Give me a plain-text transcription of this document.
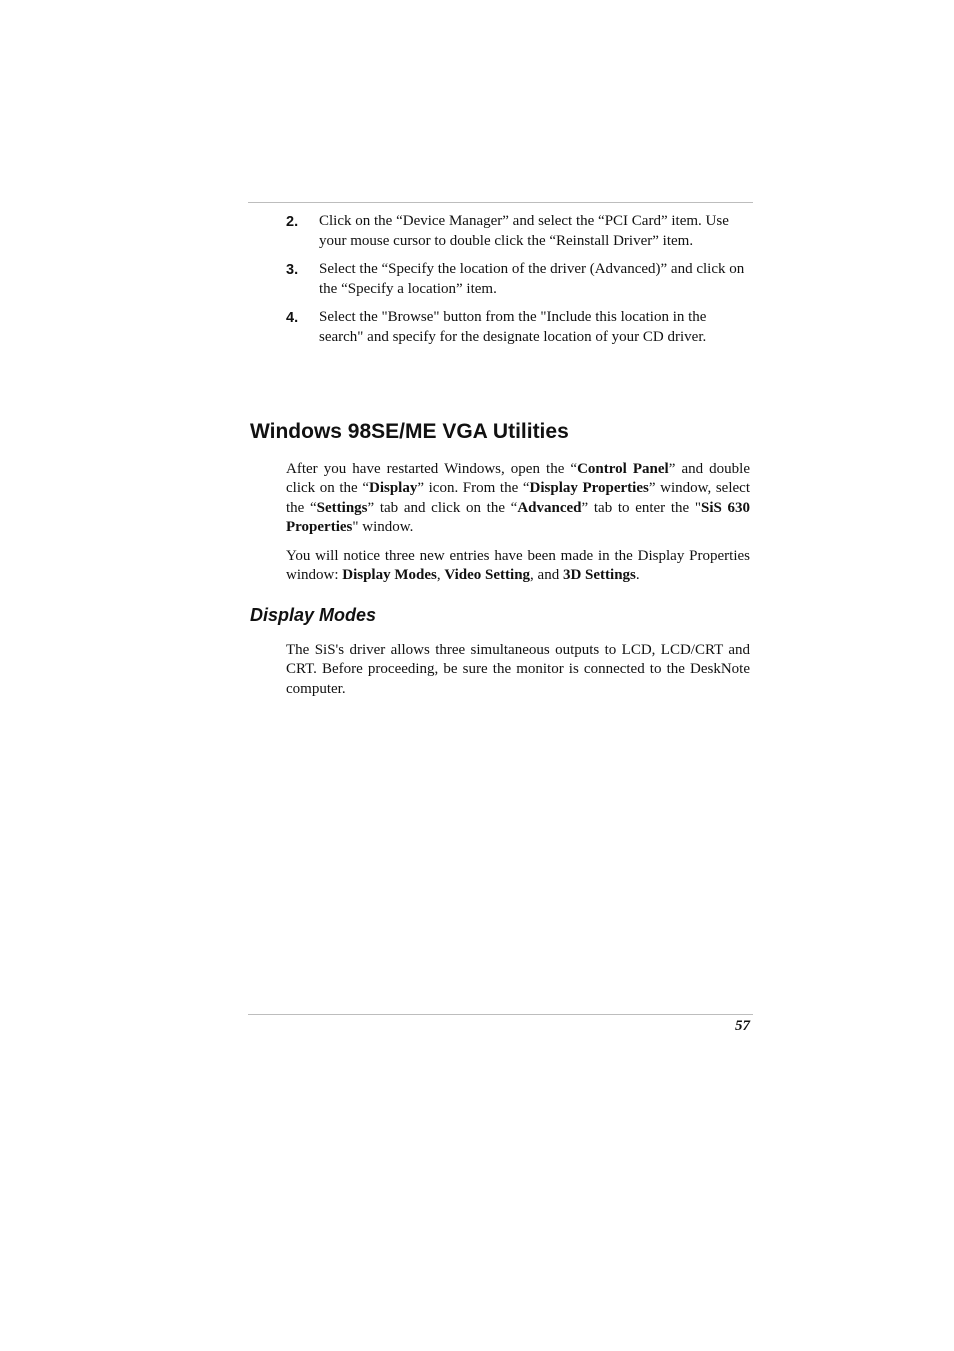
2. Click on the “Device Manager” and select the “PCI Card” item. Use your mouse cursor to double click the “Reinstall Driver” item.
3. Select the “Specify the location of the driver (Advanced)” and click on the “Specify a location” item.
4. Select the "Browse" button from the "Include this location in the search" and specify for the designate location of your CD driver.
Windows 98SE/ME VGA Utilities

After you have restarted Windows, open the “Control Panel” and double click on the “Display” icon. From the “Display Properties” window, select the “Settings” tab and click on the “Advanced” tab to enter the "SiS 630 Properties" window.

You will notice three new entries have been made in the Display Properties window: Display Modes, Video Setting, and 3D Settings.

Display Modes

The SiS's driver allows three simultaneous outputs to LCD, LCD/CRT and CRT. Before proceeding, be sure the monitor is connected to the DeskNote computer.

57
